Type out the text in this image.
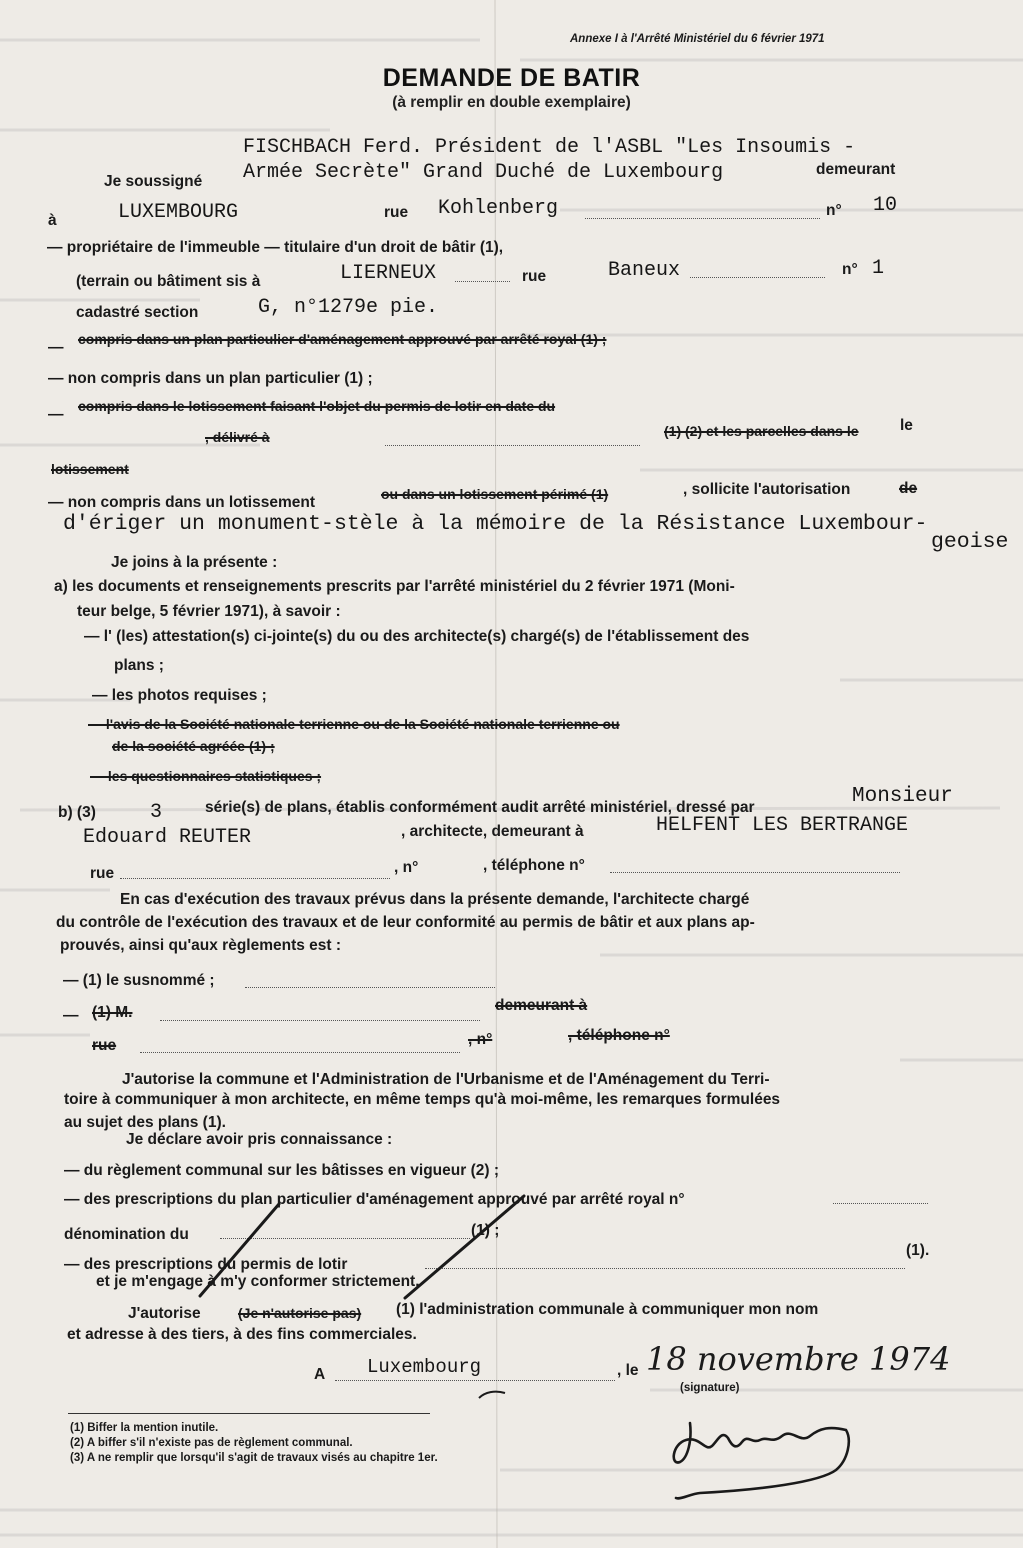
Annexe I à l'Arrêté Ministériel du 6 février 1971
DEMANDE DE BATIR
(à remplir en double exemplaire)
FISCHBACH Ferd. Président de l'ASBL "Les Insoumis -
Je soussigné Armée Secrète" Grand Duché de Luxembourg	demeurant
à	LUXEMBOURG	rue Kohlenberg	n° 10
— propriétaire de l'immeuble — titulaire d'un droit de bâtir (1),
(terrain ou bâtiment sis à	LIERNEUX	rue	Baneux	n° 1
cadastré section	G, n°1279e pie.
— compris dans un plan particulier d'aménagement approuvé par arrêté royal (1) ;
— non compris dans un plan particulier (1) ;
— compris dans le lotissement faisant l'objet du permis de lotir en date du
, délivré à	(1) (2) et les parcelles dans le	le
lotissement
— non compris dans un lotissement	ou dans un lotissement périmé (1)	, sollicite l'autorisation	de
d'ériger un monument-stèle à la mémoire de la Résistance Luxembour-
geoise
Je joins à la présente :
a) les documents et renseignements prescrits par l'arrêté ministériel du 2 février 1971 (Moni-
teur belge, 5 février 1971), à savoir :
— l' (les) attestation(s) ci-jointe(s) du ou des architecte(s) chargé(s) de l'établissement des
plans ;
— les photos requises ;
— l'avis de la Société nationale terrienne ou de la Société nationale terrienne ou
de la société agréée (1) ;
— les questionnaires statistiques ;
b) (3)	3	série(s) de plans, établis conformément audit arrêté ministériel, dressé par	Monsieur
Edouard REUTER	, architecte, demeurant à	HELFENT LES BERTRANGE
rue	, n°	, téléphone n°
En cas d'exécution des travaux prévus dans la présente demande, l'architecte chargé
du contrôle de l'exécution des travaux et de leur conformité au permis de bâtir et aux plans ap-
prouvés, ainsi qu'aux règlements est :
— (1) le susnommé ;
— (1) M.	demeurant à
rue	, n°	, téléphone n°
J'autorise la commune et l'Administration de l'Urbanisme et de l'Aménagement du Terri-
toire à communiquer à mon architecte, en même temps qu'à moi-même, les remarques formulées
au sujet des plans (1).
Je déclare avoir pris connaissance :
— du règlement communal sur les bâtisses en vigueur (2) ;
— des prescriptions du plan particulier d'aménagement approuvé par arrêté royal n°
dénomination du	(1) ;
— des prescriptions du permis de lotir
(1).
et je m'engage à m'y conformer strictement.
J'autorise	(Je n'autorise pas) (1) l'administration communale à communiquer mon nom
et adresse à des tiers, à des fins commerciales.
A Luxembourg	, le 18 novembre 1974
(signature)
(1) Biffer la mention inutile.
(2) A biffer s'il n'existe pas de règlement communal.
(3) A ne remplir que lorsqu'il s'agit de travaux visés au chapitre 1er.
